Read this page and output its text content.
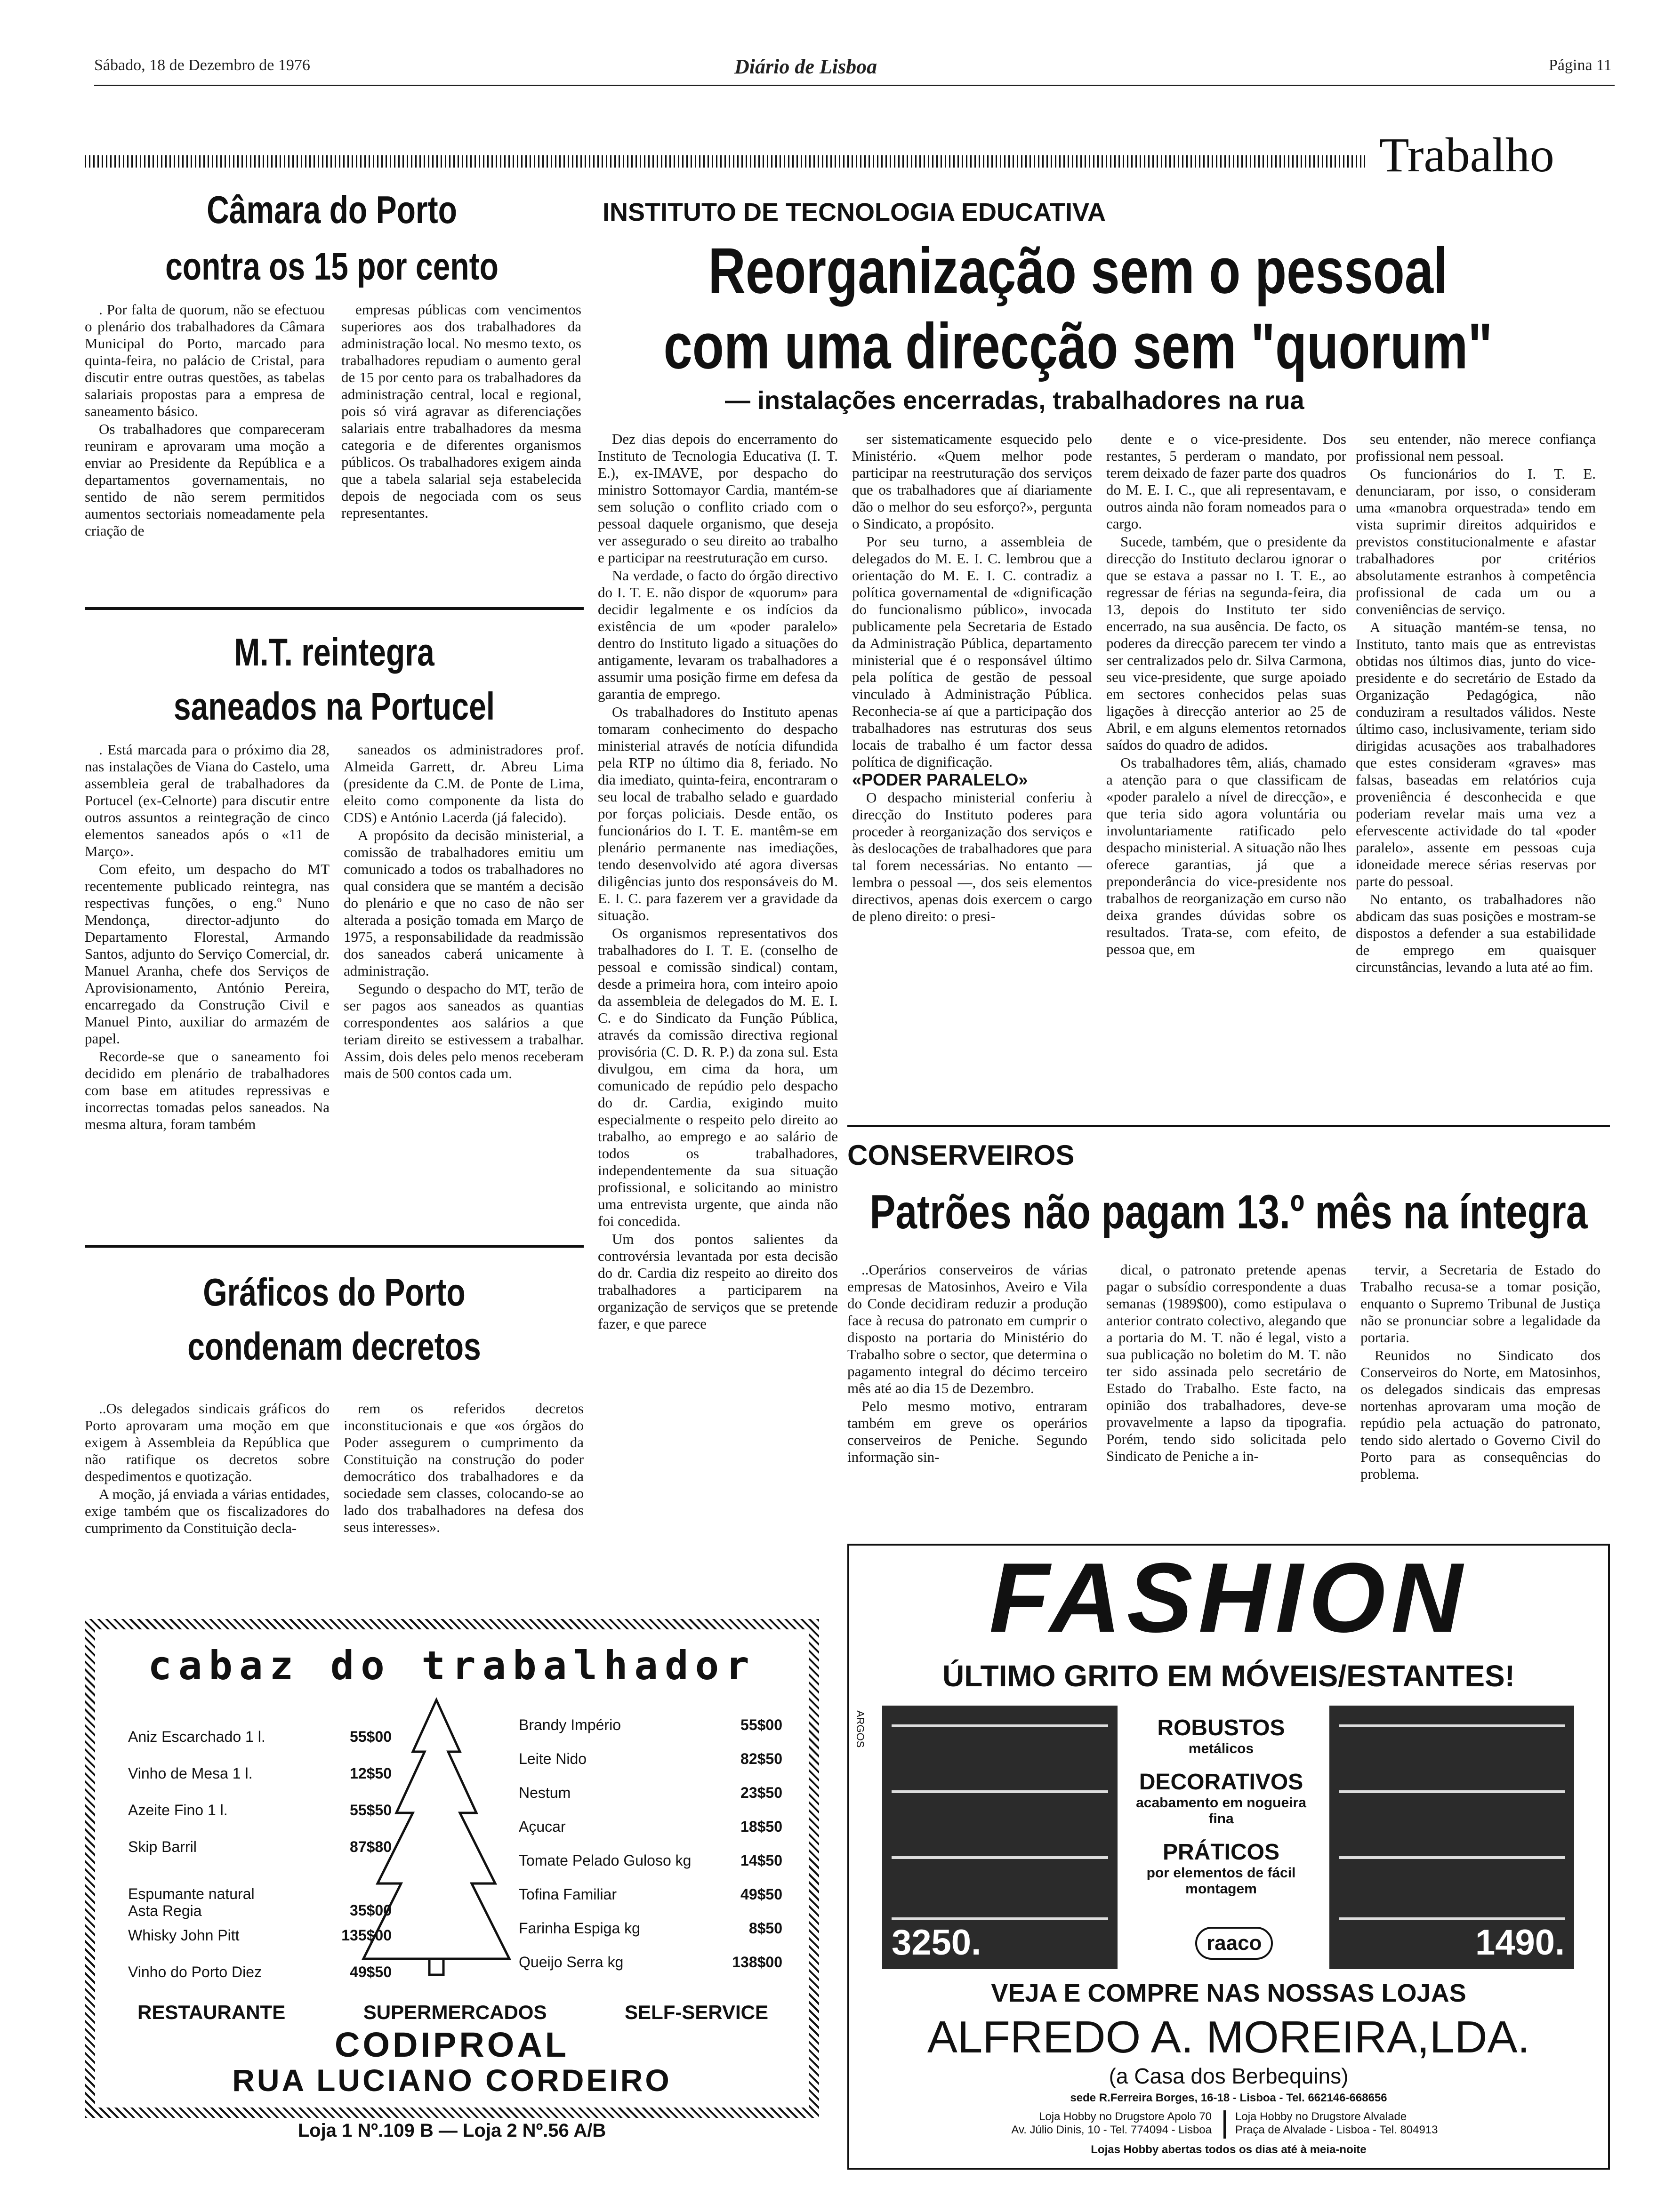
Sábado, 18 de Dezembro de 1976	Diário de Lisboa	Página 11
Trabalho
Câmara do Porto
contra os 15 por cento

. Por falta de quorum, não se efectuou o plenário dos trabalhadores da Câmara Municipal do Porto, marcado para quinta-feira, no palácio de Cristal, para discutir entre outras questões, as tabelas salariais propostas para a empresa de saneamento básico.

Os trabalhadores que compareceram reuniram e aprovaram uma moção a enviar ao Presidente da República e a departamentos governamentais, no sentido de não serem permitidos aumentos sectoriais nomeadamente pela criação de

empresas públicas com vencimentos superiores aos dos trabalhadores da administração local. No mesmo texto, os trabalhadores repudiam o aumento geral de 15 por cento para os trabalhadores da administração central, local e regional, pois só virá agravar as diferenciações salariais entre trabalhadores da mesma categoria e de diferentes organismos públicos. Os trabalhadores exigem ainda que a tabela salarial seja estabelecida depois de negociada com os seus representantes.

M.T. reintegra
saneados na Portucel

. Está marcada para o próximo dia 28, nas instalações de Viana do Castelo, uma assembleia geral de trabalhadores da Portucel (ex-Celnorte) para discutir entre outros assuntos a reintegração de cinco elementos saneados após o «11 de Março».

Com efeito, um despacho do MT recentemente publicado reintegra, nas respectivas funções, o eng.º Nuno Mendonça, director-adjunto do Departamento Florestal, Armando Santos, adjunto do Serviço Comercial, dr. Manuel Aranha, chefe dos Serviços de Aprovisionamento, António Pereira, encarregado da Construção Civil e Manuel Pinto, auxiliar do armazém de papel.

Recorde-se que o saneamento foi decidido em plenário de trabalhadores com base em atitudes repressivas e incorrectas tomadas pelos saneados. Na mesma altura, foram também

saneados os administradores prof. Almeida Garrett, dr. Abreu Lima (presidente da C.M. de Ponte de Lima, eleito como componente da lista do CDS) e António Lacerda (já falecido).

A propósito da decisão ministerial, a comissão de trabalhadores emitiu um comunicado a todos os trabalhadores no qual considera que se mantém a decisão do plenário e que no caso de não ser alterada a posição tomada em Março de 1975, a responsabilidade da readmissão dos saneados caberá unicamente à administração.

Segundo o despacho do MT, terão de ser pagos aos saneados as quantias correspondentes aos salários a que teriam direito se estivessem a trabalhar. Assim, dois deles pelo menos receberam mais de 500 contos cada um.

Gráficos do Porto
condenam decretos

..Os delegados sindicais gráficos do Porto aprovaram uma moção em que exigem à Assembleia da República que não ratifique os decretos sobre despedimentos e quotização.

A moção, já enviada a várias entidades, exige também que os fiscalizadores do cumprimento da Constituição decla-

rem os referidos decretos inconstitucionais e que «os órgãos do Poder assegurem o cumprimento da Constituição na construção do poder democrático dos trabalhadores e da sociedade sem classes, colocando-se ao lado dos trabalhadores na defesa dos seus interesses».

INSTITUTO DE TECNOLOGIA EDUCATIVA
Reorganização sem o pessoal
com uma direcção sem "quorum"
— instalações encerradas, trabalhadores na rua

Dez dias depois do encerramento do Instituto de Tecnologia Educativa (I. T. E.), ex-IMAVE, por despacho do ministro Sottomayor Cardia, mantém-se sem solução o conflito criado com o pessoal daquele organismo, que deseja ver assegurado o seu direito ao trabalho e participar na reestruturação em curso.

Na verdade, o facto do órgão directivo do I. T. E. não dispor de «quorum» para decidir legalmente e os indícios da existência de um «poder paralelo» dentro do Instituto ligado a situações do antigamente, levaram os trabalhadores a assumir uma posição firme em defesa da garantia de emprego.

Os trabalhadores do Instituto apenas tomaram conhecimento do despacho ministerial através de notícia difundida pela RTP no último dia 8, feriado. No dia imediato, quinta-feira, encontraram o seu local de trabalho selado e guardado por forças policiais. Desde então, os funcionários do I. T. E. mantêm-se em plenário permanente nas imediações, tendo desenvolvido até agora diversas diligências junto dos responsáveis do M. E. I. C. para fazerem ver a gravidade da situação.

Os organismos representativos dos trabalhadores do I. T. E. (conselho de pessoal e comissão sindical) contam, desde a primeira hora, com inteiro apoio da assembleia de delegados do M. E. I. C. e do Sindicato da Função Pública, através da comissão directiva regional provisória (C. D. R. P.) da zona sul. Esta divulgou, em cima da hora, um comunicado de repúdio pelo despacho do dr. Cardia, exigindo muito especialmente o respeito pelo direito ao trabalho, ao emprego e ao salário de todos os trabalhadores, independentemente da sua situação profissional, e solicitando ao ministro uma entrevista urgente, que ainda não foi concedida.

Um dos pontos salientes da controvérsia levantada por esta decisão do dr. Cardia diz respeito ao direito dos trabalhadores a participarem na organização de serviços que se pretende fazer, e que parece

ser sistematicamente esquecido pelo Ministério. «Quem melhor pode participar na reestruturação dos serviços que os trabalhadores que aí diariamente dão o melhor do seu esforço?», pergunta o Sindicato, a propósito.

Por seu turno, a assembleia de delegados do M. E. I. C. lembrou que a orientação do M. E. I. C. contradiz a política governamental de «dignificação do funcionalismo público», invocada publicamente pela Secretaria de Estado da Administração Pública, departamento ministerial que é o responsável último pela política de gestão de pessoal vinculado à Administração Pública. Reconhecia-se aí que a participação dos trabalhadores nas estruturas dos seus locais de trabalho é um factor dessa política de dignificação.

«PODER PARALELO»

O despacho ministerial conferiu à direcção do Instituto poderes para proceder à reorganização dos serviços e às deslocações de trabalhadores que para tal forem necessárias. No entanto — lembra o pessoal —, dos seis elementos directivos, apenas dois exercem o cargo de pleno direito: o presi-

dente e o vice-presidente. Dos restantes, 5 perderam o mandato, por terem deixado de fazer parte dos quadros do M. E. I. C., que ali representavam, e outros ainda não foram nomeados para o cargo.

Sucede, também, que o presidente da direcção do Instituto declarou ignorar o que se estava a passar no I. T. E., ao regressar de férias na segunda-feira, dia 13, depois do Instituto ter sido encerrado, na sua ausência. De facto, os poderes da direcção parecem ter vindo a ser centralizados pelo dr. Silva Carmona, seu vice-presidente, que surge apoiado em sectores conhecidos pelas suas ligações à direcção anterior ao 25 de Abril, e em alguns elementos retornados saídos do quadro de adidos.

Os trabalhadores têm, aliás, chamado a atenção para o que classificam de «poder paralelo a nível de direcção», e que teria sido agora voluntária ou involuntariamente ratificado pelo despacho ministerial. A situação não lhes oferece garantias, já que a preponderância do vice-presidente nos trabalhos de reorganização em curso não deixa grandes dúvidas sobre os resultados. Trata-se, com efeito, de pessoa que, em

seu entender, não merece confiança profissional nem pessoal.

Os funcionários do I. T. E. denunciaram, por isso, o consideram uma «manobra orquestrada» tendo em vista suprimir direitos adquiridos e previstos constitucionalmente e afastar trabalhadores por critérios absolutamente estranhos à competência profissional de cada um ou a conveniências de serviço.

A situação mantém-se tensa, no Instituto, tanto mais que as entrevistas obtidas nos últimos dias, junto do vice-presidente e do secretário de Estado da Organização Pedagógica, não conduziram a resultados válidos. Neste último caso, inclusivamente, teriam sido dirigidas acusações aos trabalhadores que estes consideram «graves» mas falsas, baseadas em relatórios cuja proveniência é desconhecida e que poderiam revelar mais uma vez a efervescente actividade do tal «poder paralelo», assente em pessoas cuja idoneidade merece sérias reservas por parte do pessoal.

No entanto, os trabalhadores não abdicam das suas posições e mostram-se dispostos a defender a sua estabilidade de emprego em quaisquer circunstâncias, levando a luta até ao fim.

CONSERVEIROS
Patrões não pagam 13.º mês na íntegra

..Operários conserveiros de várias empresas de Matosinhos, Aveiro e Vila do Conde decidiram reduzir a produção face à recusa do patronato em cumprir o disposto na portaria do Ministério do Trabalho sobre o sector, que determina o pagamento integral do décimo terceiro mês até ao dia 15 de Dezembro.

Pelo mesmo motivo, entraram também em greve os operários conserveiros de Peniche. Segundo informação sin-

dical, o patronato pretende apenas pagar o subsídio correspondente a duas semanas (1989$00), como estipulava o anterior contrato colectivo, alegando que a portaria do M. T. não é legal, visto a sua publicação no boletim do M. T. não ter sido assinada pelo secretário de Estado do Trabalho. Este facto, na opinião dos trabalhadores, deve-se provavelmente a lapso da tipografia. Porém, tendo sido solicitada pelo Sindicato de Peniche a in-

tervir, a Secretaria de Estado do Trabalho recusa-se a tomar posição, enquanto o Supremo Tribunal de Justiça não se pronunciar sobre a legalidade da portaria.

Reunidos no Sindicato dos Conserveiros do Norte, em Matosinhos, os delegados sindicais das empresas nortenhas aprovaram uma moção de repúdio pela actuação do patronato, tendo sido alertado o Governo Civil do Porto para as consequências do problema.

cabaz do trabalhador
Aniz Escarchado 1 l.	55$00
Vinho de Mesa 1 l.	12$50
Azeite Fino 1 l.	55$50
Skip Barril	87$80
Espumante natural Asta Regia	35$00
Whisky John Pitt	135$00
Vinho do Porto Diez	49$50
Brandy Império	55$00
Leite Nido	82$50
Nestum	23$50
Açucar	18$50
Tomate Pelado Guloso kg	14$50
Tofina Familiar	49$50
Farinha Espiga kg	8$50
Queijo Serra kg	138$00
RESTAURANTE	SUPERMERCADOS	SELF-SERVICE
CODIPROAL
RUA LUCIANO CORDEIRO
Loja 1 Nº.109 B — Loja 2 Nº.56 A/B
FASHION
ÚLTIMO GRITO EM MÓVEIS/ESTANTES!
ARGOS
3250.
ROBUSTOS
metálicos
DECORATIVOS
acabamento em nogueira fina
PRÁTICOS
por elementos de fácil montagem
raaco	1490.
VEJA E COMPRE NAS NOSSAS LOJAS
ALFREDO A. MOREIRA,LDA.
(a Casa dos Berbequins)
sede R.Ferreira Borges, 16-18 - Lisboa - Tel. 662146-668656
Loja Hobby no Drugstore Apolo 70
Av. Júlio Dinis, 10 - Tel. 774094 - Lisboa
Loja Hobby no Drugstore Alvalade
Praça de Alvalade - Lisboa - Tel. 804913
Lojas Hobby abertas todos os dias até à meia-noite
